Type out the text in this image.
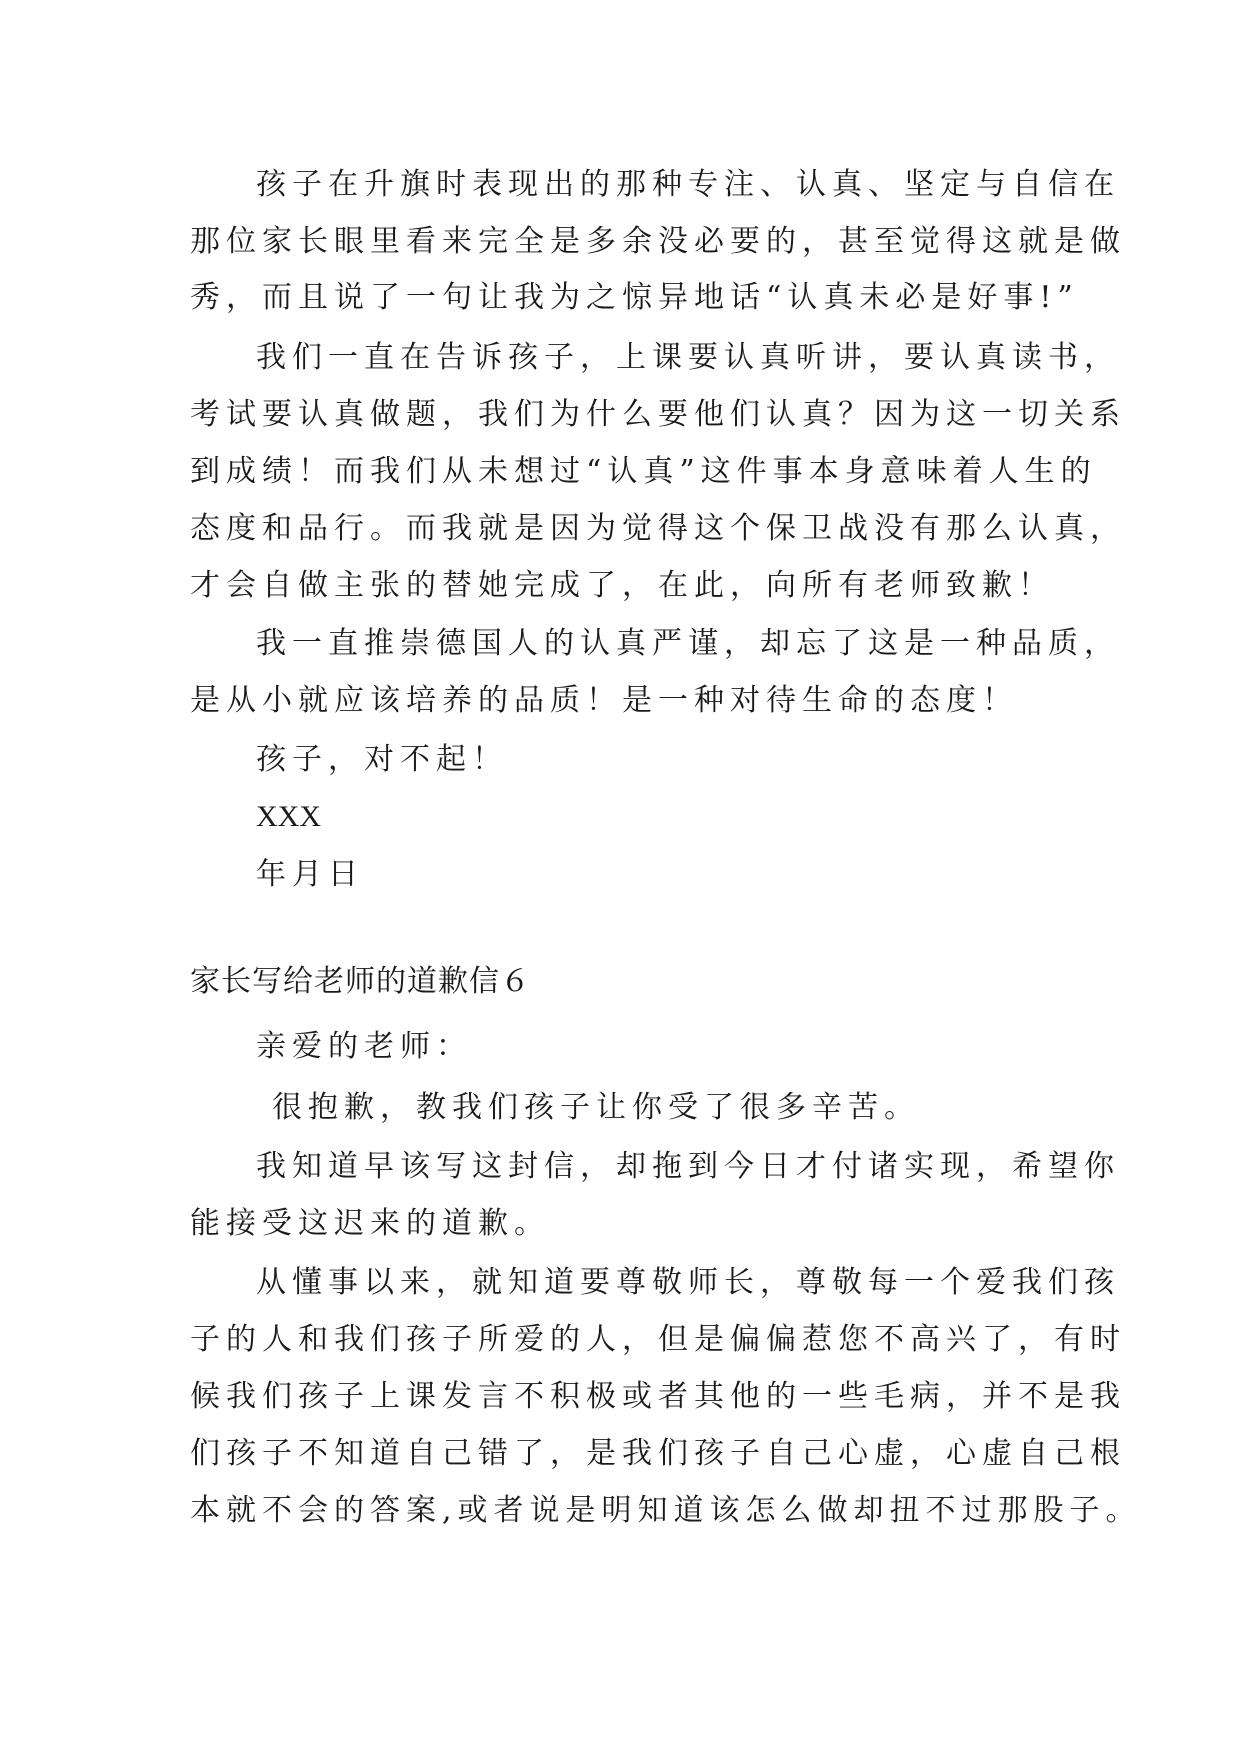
孩子在升旗时表现出的那种专注、认真、坚定与自信在
那位家长眼里看来完全是多余没必要的，甚至觉得这就是做
秀，而且说了一句让我为之惊异地话“认真未必是好事!”
我们一直在告诉孩子，上课要认真听讲，要认真读书，
考试要认真做题，我们为什么要他们认真？因为这一切关系
到成绩！而我们从未想过“认真”这件事本身意味着人生的
态度和品行。而我就是因为觉得这个保卫战没有那么认真，
才会自做主张的替她完成了，在此，向所有老师致歉！
我一直推崇德国人的认真严谨，却忘了这是一种品质，
是从小就应该培养的品质！是一种对待生命的态度！
孩子，对不起！
XXX
年月日
家长写给老师的道歉信６
亲爱的老师：
很抱歉，教我们孩子让你受了很多辛苦。
我知道早该写这封信，却拖到今日才付诸实现，希望你
能接受这迟来的道歉。
从懂事以来，就知道要尊敬师长，尊敬每一个爱我们孩
子的人和我们孩子所爱的人，但是偏偏惹您不高兴了，有时
候我们孩子上课发言不积极或者其他的一些毛病，并不是我
们孩子不知道自己错了，是我们孩子自己心虚，心虚自己根
本就不会的答案,或者说是明知道该怎么做却扭不过那股子。
